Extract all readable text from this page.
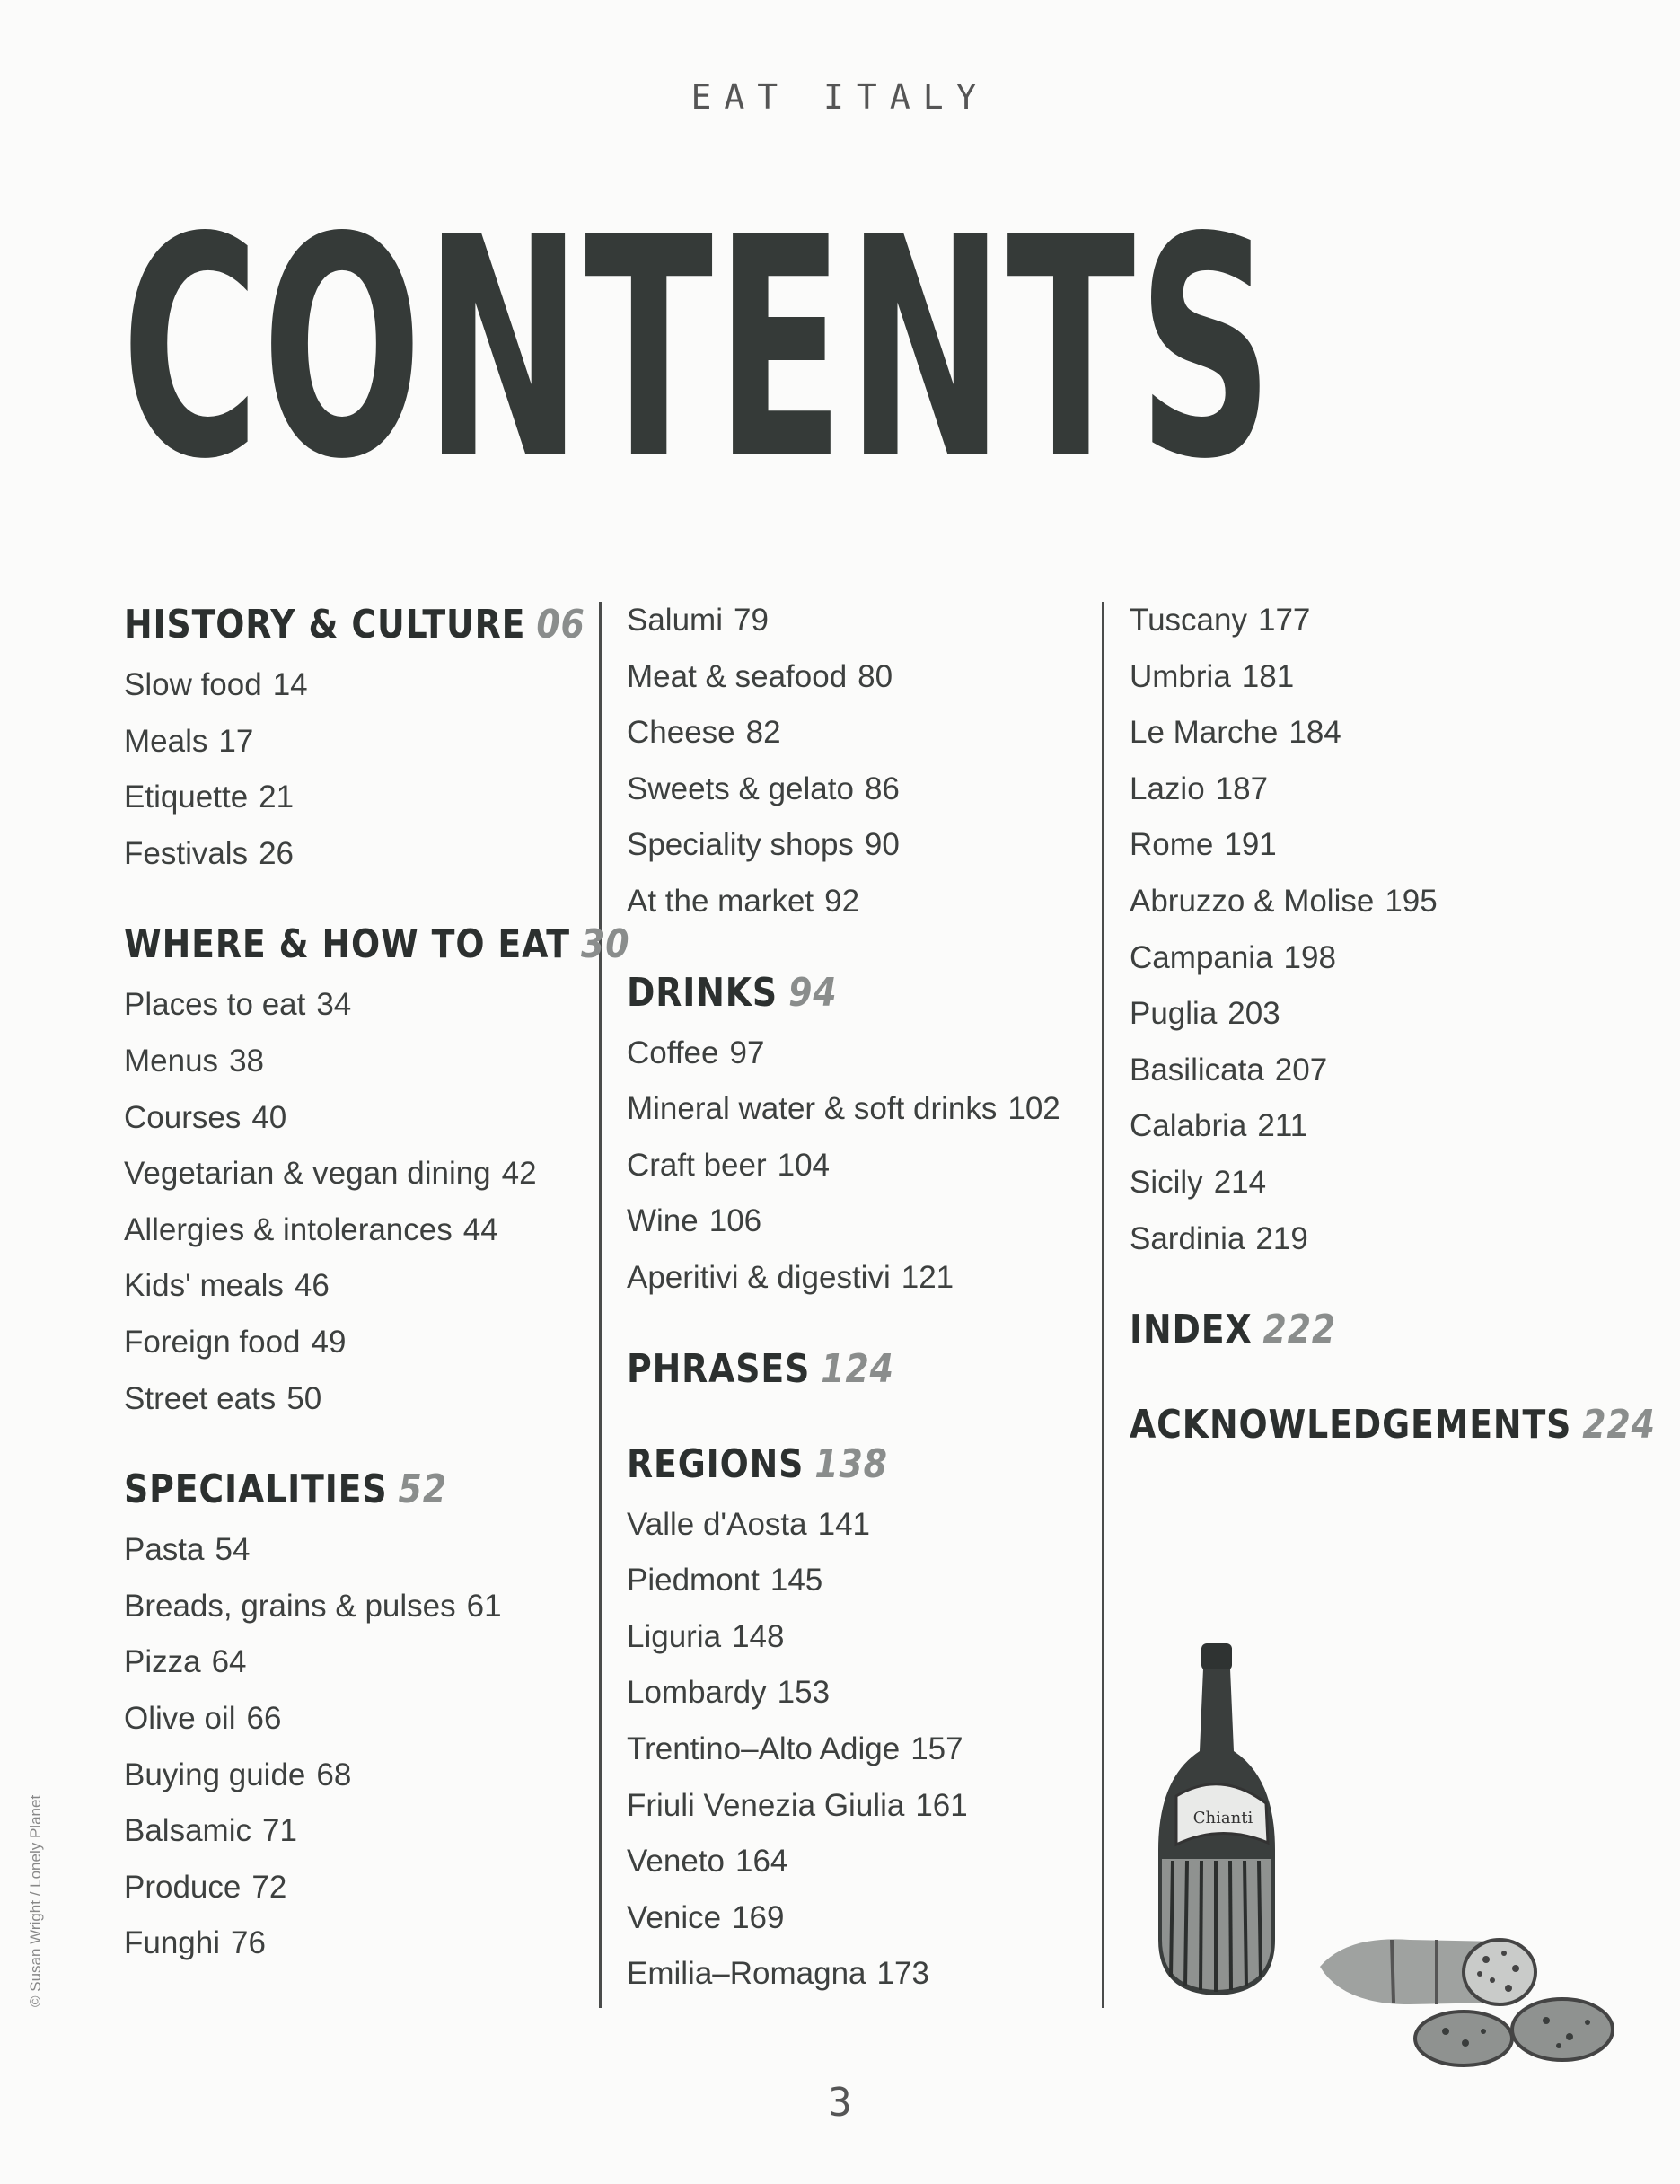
EAT ITALY
CONTENTS
HISTORY & CULTURE 06
Slow food 14
Meals 17
Etiquette 21
Festivals 26
WHERE & HOW TO EAT 30
Places to eat 34
Menus 38
Courses 40
Vegetarian & vegan dining 42
Allergies & intolerances 44
Kids' meals 46
Foreign food 49
Street eats 50
SPECIALITIES 52
Pasta 54
Breads, grains & pulses 61
Pizza 64
Olive oil 66
Buying guide 68
Balsamic 71
Produce 72
Funghi 76
Salumi 79
Meat & seafood 80
Cheese 82
Sweets & gelato 86
Speciality shops 90
At the market 92
DRINKS 94
Coffee 97
Mineral water & soft drinks 102
Craft beer 104
Wine 106
Aperitivi & digestivi 121
PHRASES 124
REGIONS 138
Valle d'Aosta 141
Piedmont 145
Liguria 148
Lombardy 153
Trentino–Alto Adige 157
Friuli Venezia Giulia 161
Veneto 164
Venice 169
Emilia–Romagna 173
Tuscany 177
Umbria 181
Le Marche 184
Lazio 187
Rome 191
Abruzzo & Molise 195
Campania 198
Puglia 203
Basilicata 207
Calabria 211
Sicily 214
Sardinia 219
INDEX 222
ACKNOWLEDGEMENTS 224
© Susan Wright / Lonely Planet	Chianti
3
